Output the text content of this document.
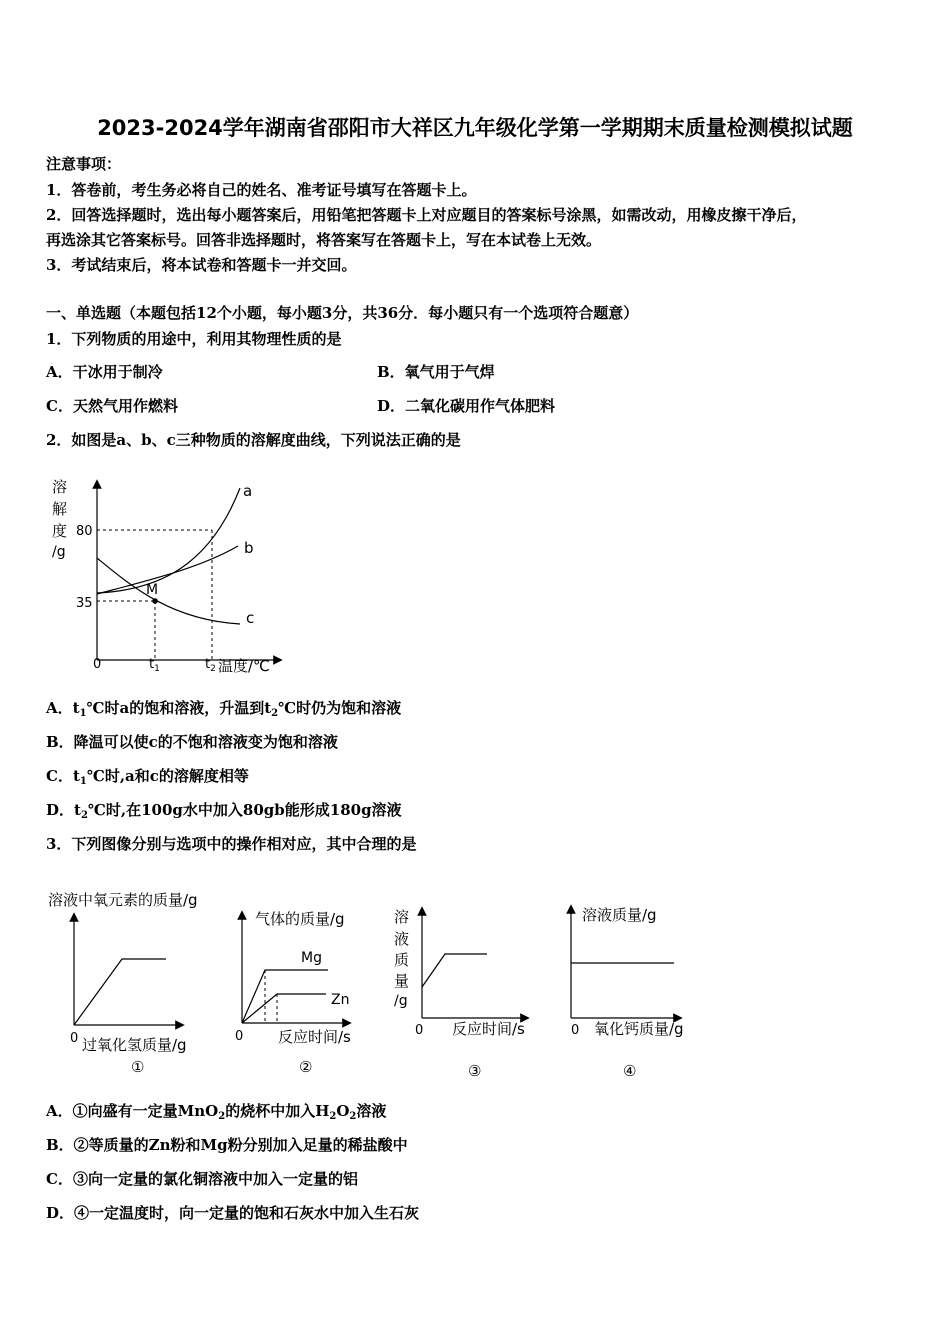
2023-2024学年湖南省邵阳市大祥区九年级化学第一学期期末质量检测模拟试题
注意事项：
1．答卷前，考生务必将自己的姓名、准考证号填写在答题卡上。
2．回答选择题时，选出每小题答案后，用铅笔把答题卡上对应题目的答案标号涂黑，如需改动，用橡皮擦干净后，
再选涂其它答案标号。回答非选择题时，将答案写在答题卡上，写在本试卷上无效。
3．考试结束后，将本试卷和答题卡一并交回。
一、单选题（本题包括12个小题，每小题3分，共36分．每小题只有一个选项符合题意）
1．下列物质的用途中，利用其物理性质的是
A．干冰用于制冷	B．氧气用于气焊
C．天然气用作燃料	D．二氧化碳用作气体肥料
2．如图是a、b、c三种物质的溶解度曲线，下列说法正确的是
溶
解
度
/g
80
35
M
a
b
c
0	$t_1$	$t_2$ 温度/℃
A．$t_1℃$时a的饱和溶液，升温到$t_2℃$时仍为饱和溶液
B．降温可以使c的不饱和溶液变为饱和溶液
C．$t_1℃$时,a和c的溶解度相等
D．$t_2℃$时,在100g水中加入80gb能形成180g溶液
3．下列图像分别与选项中的操作相对应，其中合理的是
溶液中氧元素的质量/g
0 过氧化氢质量/g
①
气体的质量/g
Mg
Zn
0 反应时间/s
②
溶
液
质
量
/g
0 反应时间/s
③
溶液质量/g
0 氧化钙质量/g
④
A．①向盛有一定量MnO$_2$的烧杯中加入$H_2O_2$溶液
B．②等质量的Zn粉和Mg粉分别加入足量的稀盐酸中
C．③向一定量的氯化铜溶液中加入一定量的铝
D．④一定温度时，向一定量的饱和石灰水中加入生石灰
